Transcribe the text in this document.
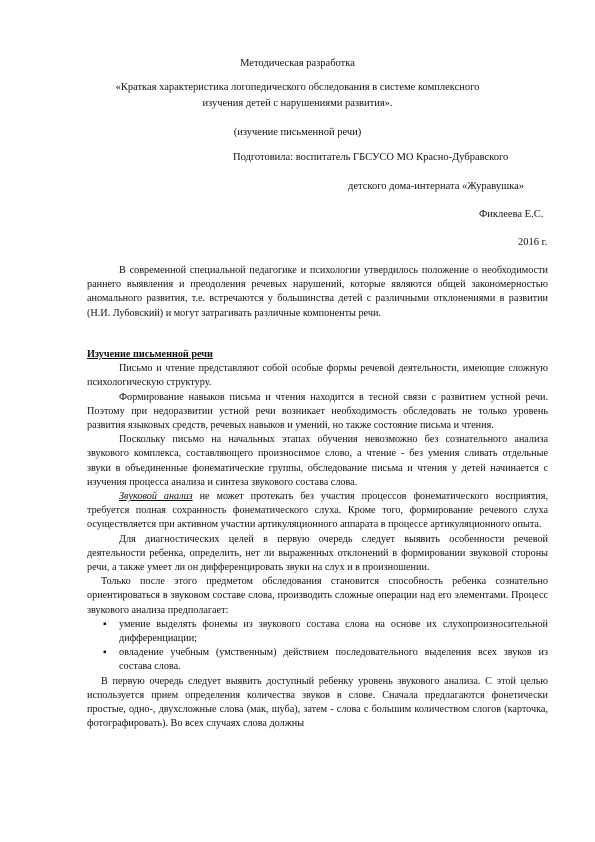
Методическая разработка
«Краткая характеристика логопедического обследования в системе комплексного
изучения детей с нарушениями развития».
(изучение письменной речи)
Подготовила: воспитатель ГБСУСО МО Красно-Дубравского
детского дома-интерната «Журавушка»
Фиклеева Е.С.
2016 г.

В современной специальной педагогике и психологии утвердилось положение о необходимости раннего выявления и преодоления речевых нарушений, которые являются общей закономерностью аномального развития, т.е. встречаются у большинства детей с различными отклонениями в развитии (Н.И. Лубовский) и могут затрагивать различные компоненты речи.

Изучение письменной речи

Письмо и чтение представляют собой особые формы речевой деятельности, имеющие сложную психологическую структуру.

Формирование навыков письма и чтения находится в тесной связи с развитием устной речи. Поэтому при недоразвитии устной речи возникает необходимость обследовать не только уровень развития языковых средств, речевых навыков и умений, но также состояние письма и чтения.

Поскольку письмо на начальных этапах обучения невозможно без сознательного анализа звукового комплекса, составляющего произносимое слово, а чтение - без умения сливать отдельные звуки в объединенные фонематические группы, обследование письма и чтения у детей начинается с изучения процесса анализа и синтеза звукового состава слова.

Звуковой анализ не может протекать без участия процессов фонематического восприятия, требуется полная сохранность фонематического слуха. Кроме того, формирование речевого слуха осуществляется при активном участии артикуляционного аппарата в процессе артикуляционного опыта.

Для диагностических целей в первую очередь следует выявить особенности речевой деятельности ребенка, определить, нет ли выраженных отклонений в формировании звуковой стороны речи, а также умеет ли он дифференцировать звуки на слух и в произношении.

Только после этого предметом обследования становится способность ребенка сознательно ориентироваться в звуковом составе слова, производить сложные операции над его элементами. Процесс звукового анализа предполагает:

▪ умение выделять фонемы из звукового состава слова на основе их слухопроизносительной дифференциации;
▪ овладение учебным (умственным) действием последовательного выделения всех звуков из состава слова.

В первую очередь следует выявить доступный ребенку уровень звукового анализа. С этой целью используется прием определения количества звуков в слове. Сначала предлагаются фонетически простые, одно-, двухсложные слова (мак, шуба), затем - слова с большим количеством слогов (карточка, фотографировать). Во всех случаях слова должны
